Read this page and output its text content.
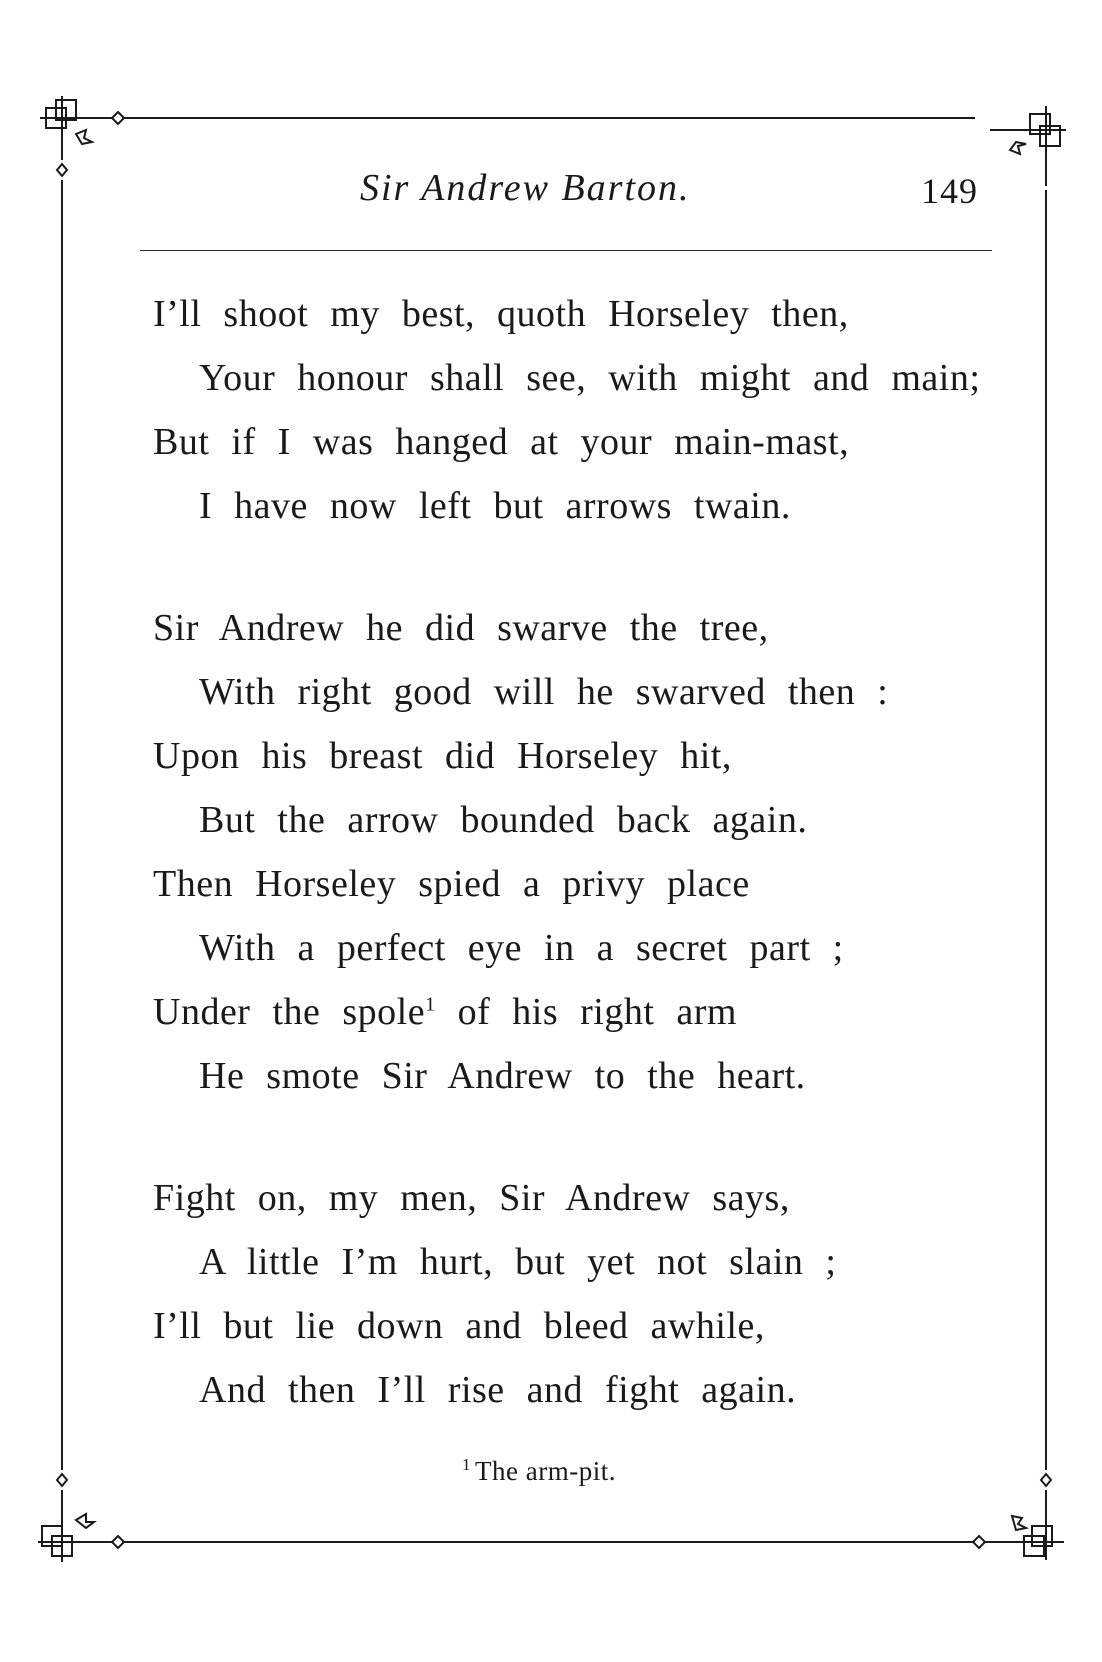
Sir Andrew Barton.	149
I’ll shoot my best, quoth Horseley then,
Your honour shall see, with might and main;
But if I was hanged at your main-mast,
I have now left but arrows twain.
Sir Andrew he did swarve the tree,
With right good will he swarved then :
Upon his breast did Horseley hit,
But the arrow bounded back again.
Then Horseley spied a privy place
With a perfect eye in a secret part ;
Under the spole$^1$ of his right arm
He smote Sir Andrew to the heart.
Fight on, my men, Sir Andrew says,
A little I’m hurt, but yet not slain ;
I’ll but lie down and bleed awhile,
And then I’ll rise and fight again.
$^1$ The arm-pit.
